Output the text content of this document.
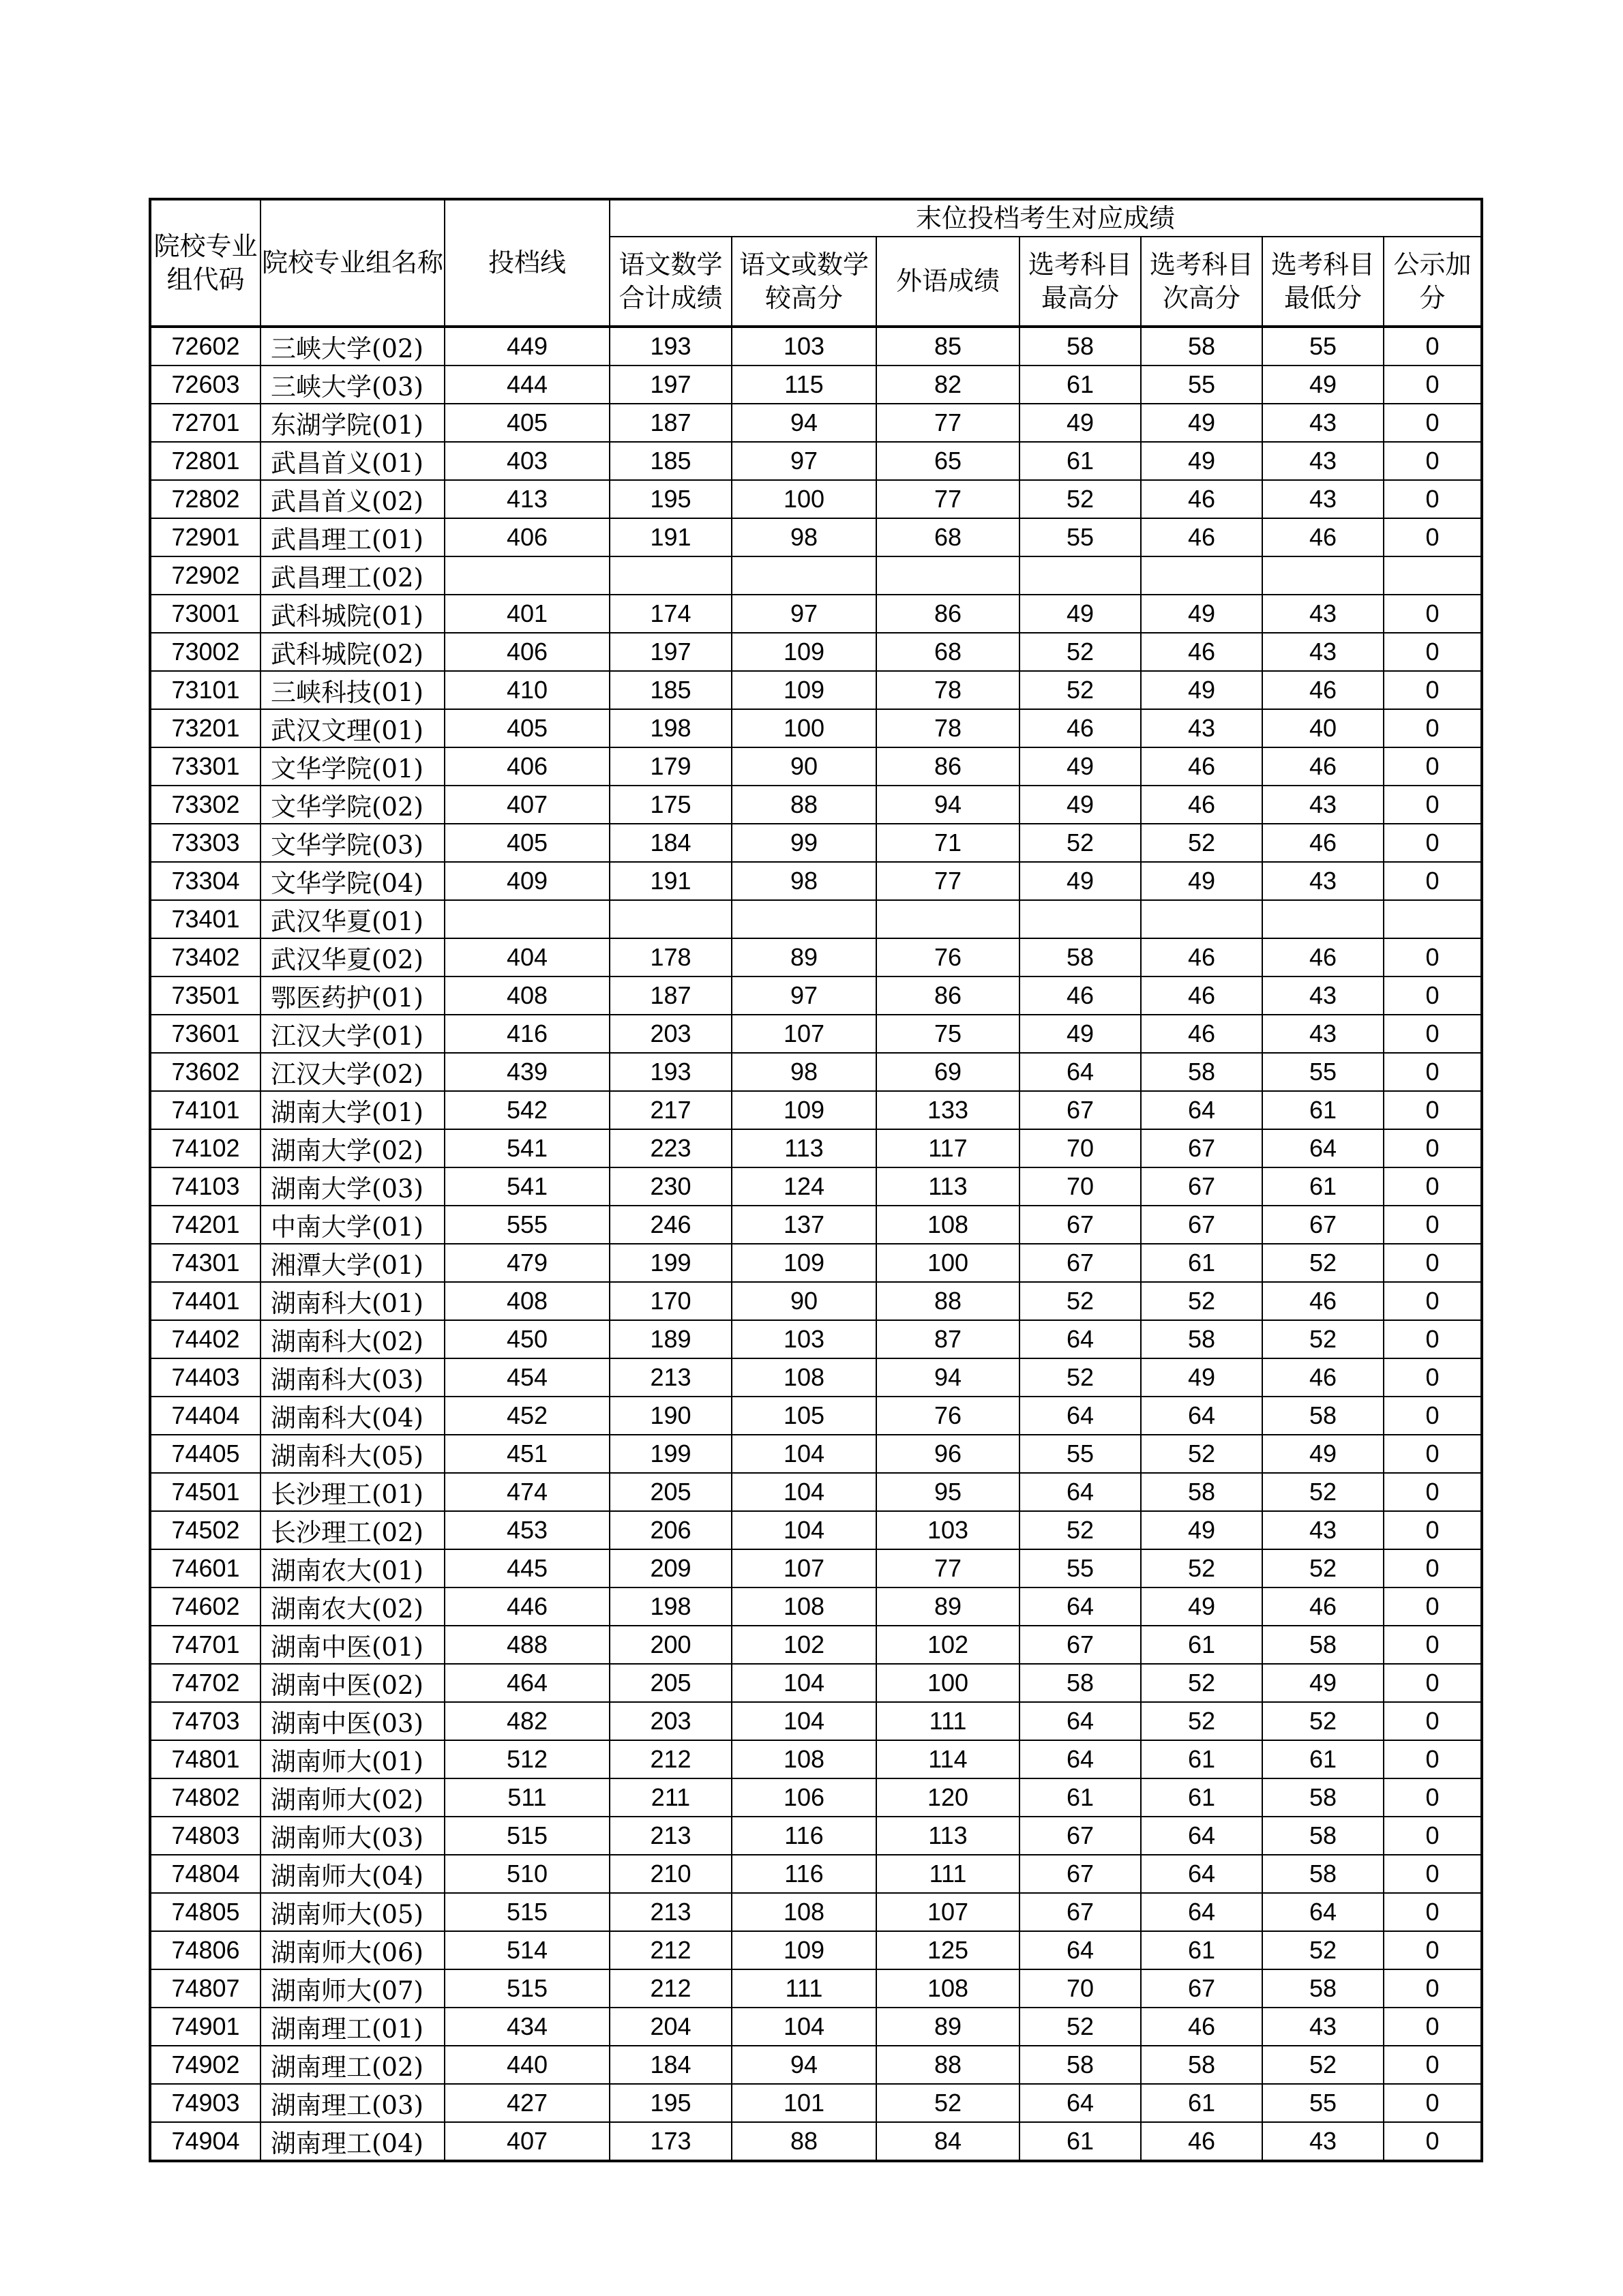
院校专业组代码	院校专业组名称	投档线	末位投档考生对应成绩						
			语文数学合计成绩	语文或数学较高分	外语成绩	选考科目最高分	选考科目次高分	选考科目最低分	公示加分
72602	三峡大学(02)	449	193	103	85	58	58	55	0
72603	三峡大学(03)	444	197	115	82	61	55	49	0
72701	东湖学院(01)	405	187	94	77	49	49	43	0
72801	武昌首义(01)	403	185	97	65	61	49	43	0
72802	武昌首义(02)	413	195	100	77	52	46	43	0
72901	武昌理工(01)	406	191	98	68	55	46	46	0
72902	武昌理工(02)								
73001	武科城院(01)	401	174	97	86	49	49	43	0
73002	武科城院(02)	406	197	109	68	52	46	43	0
73101	三峡科技(01)	410	185	109	78	52	49	46	0
73201	武汉文理(01)	405	198	100	78	46	43	40	0
73301	文华学院(01)	406	179	90	86	49	46	46	0
73302	文华学院(02)	407	175	88	94	49	46	43	0
73303	文华学院(03)	405	184	99	71	52	52	46	0
73304	文华学院(04)	409	191	98	77	49	49	43	0
73401	武汉华夏(01)								
73402	武汉华夏(02)	404	178	89	76	58	46	46	0
73501	鄂医药护(01)	408	187	97	86	46	46	43	0
73601	江汉大学(01)	416	203	107	75	49	46	43	0
73602	江汉大学(02)	439	193	98	69	64	58	55	0
74101	湖南大学(01)	542	217	109	133	67	64	61	0
74102	湖南大学(02)	541	223	113	117	70	67	64	0
74103	湖南大学(03)	541	230	124	113	70	67	61	0
74201	中南大学(01)	555	246	137	108	67	67	67	0
74301	湘潭大学(01)	479	199	109	100	67	61	52	0
74401	湖南科大(01)	408	170	90	88	52	52	46	0
74402	湖南科大(02)	450	189	103	87	64	58	52	0
74403	湖南科大(03)	454	213	108	94	52	49	46	0
74404	湖南科大(04)	452	190	105	76	64	64	58	0
74405	湖南科大(05)	451	199	104	96	55	52	49	0
74501	长沙理工(01)	474	205	104	95	64	58	52	0
74502	长沙理工(02)	453	206	104	103	52	49	43	0
74601	湖南农大(01)	445	209	107	77	55	52	52	0
74602	湖南农大(02)	446	198	108	89	64	49	46	0
74701	湖南中医(01)	488	200	102	102	67	61	58	0
74702	湖南中医(02)	464	205	104	100	58	52	49	0
74703	湖南中医(03)	482	203	104	111	64	52	52	0
74801	湖南师大(01)	512	212	108	114	64	61	61	0
74802	湖南师大(02)	511	211	106	120	61	61	58	0
74803	湖南师大(03)	515	213	116	113	67	64	58	0
74804	湖南师大(04)	510	210	116	111	67	64	58	0
74805	湖南师大(05)	515	213	108	107	67	64	64	0
74806	湖南师大(06)	514	212	109	125	64	61	52	0
74807	湖南师大(07)	515	212	111	108	70	67	58	0
74901	湖南理工(01)	434	204	104	89	52	46	43	0
74902	湖南理工(02)	440	184	94	88	58	58	52	0
74903	湖南理工(03)	427	195	101	52	64	61	55	0
74904	湖南理工(04)	407	173	88	84	61	46	43	0
